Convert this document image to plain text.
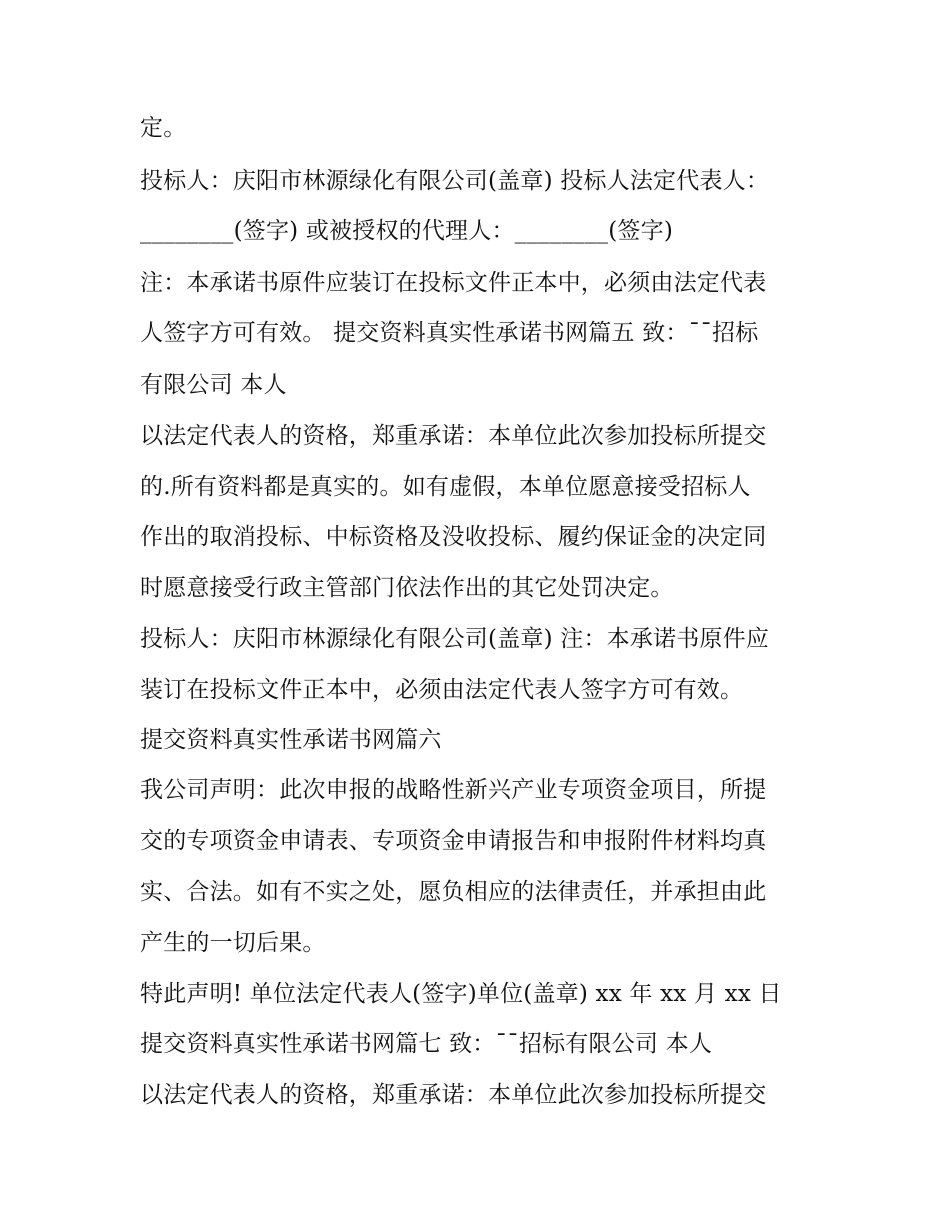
定。
投标人：庆阳市林源绿化有限公司(盖章) 投标人法定代表人：
________(签字) 或被授权的代理人：________(签字)
注：本承诺书原件应装订在投标文件正本中，必须由法定代表
人签字方可有效。 提交资料真实性承诺书网篇五 致：ˉˉ招标
有限公司 本人
以法定代表人的资格，郑重承诺：本单位此次参加投标所提交
的.所有资料都是真实的。如有虚假，本单位愿意接受招标人
作出的取消投标、中标资格及没收投标、履约保证金的决定同
时愿意接受行政主管部门依法作出的其它处罚决定。
投标人：庆阳市林源绿化有限公司(盖章) 注：本承诺书原件应
装订在投标文件正本中，必须由法定代表人签字方可有效。
提交资料真实性承诺书网篇六
我公司声明：此次申报的战略性新兴产业专项资金项目，所提
交的专项资金申请表、专项资金申请报告和申报附件材料均真
实、合法。如有不实之处，愿负相应的法律责任，并承担由此
产生的一切后果。
特此声明! 单位法定代表人(签字)单位(盖章) xx 年 xx 月 xx 日
提交资料真实性承诺书网篇七 致：ˉˉ招标有限公司 本人
以法定代表人的资格，郑重承诺：本单位此次参加投标所提交
